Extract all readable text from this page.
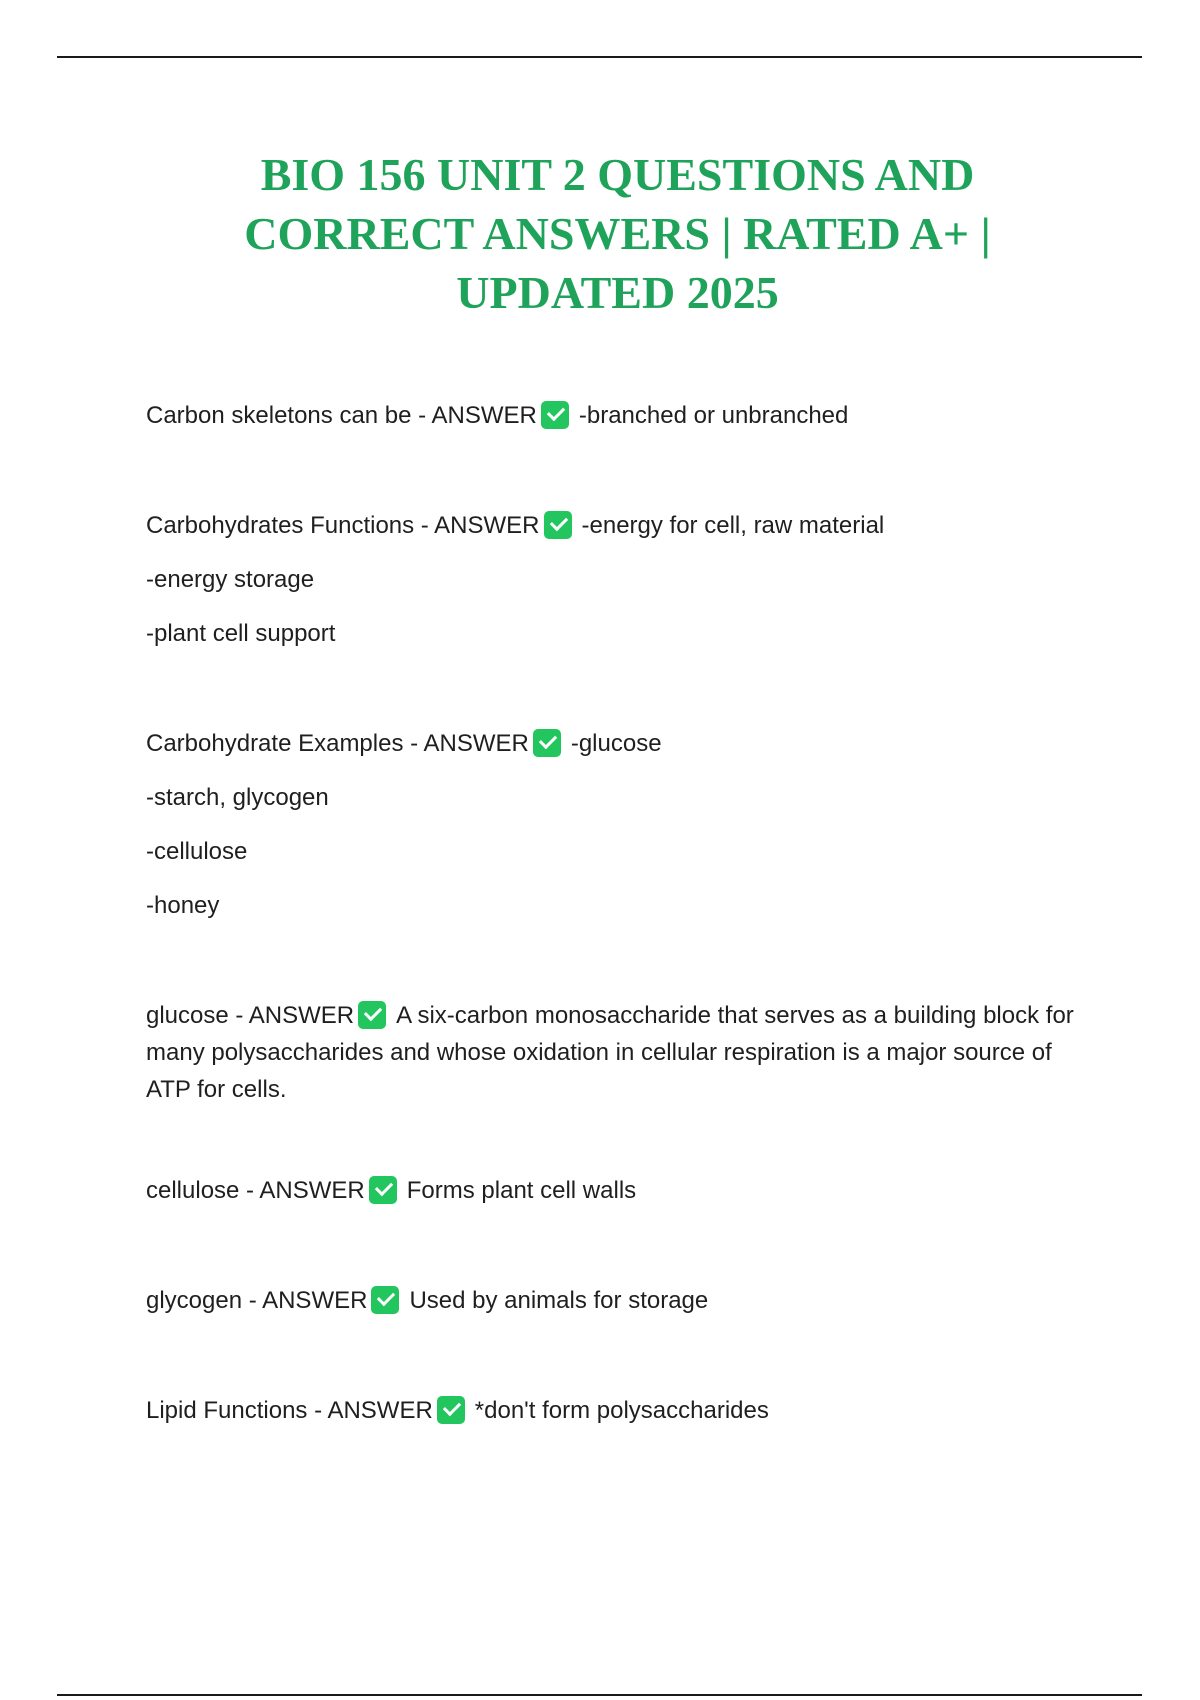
BIO 156 UNIT 2 QUESTIONS AND CORRECT ANSWERS | RATED A+ | UPDATED 2025
Carbon skeletons can be - ANSWER -branched or unbranched
Carbohydrates Functions - ANSWER -energy for cell, raw material
-energy storage
-plant cell support
Carbohydrate Examples - ANSWER -glucose
-starch, glycogen
-cellulose
-honey
glucose - ANSWER A six-carbon monosaccharide that serves as a building block for many polysaccharides and whose oxidation in cellular respiration is a major source of ATP for cells.
cellulose - ANSWER Forms plant cell walls
glycogen - ANSWER Used by animals for storage
Lipid Functions - ANSWER *don't form polysaccharides
